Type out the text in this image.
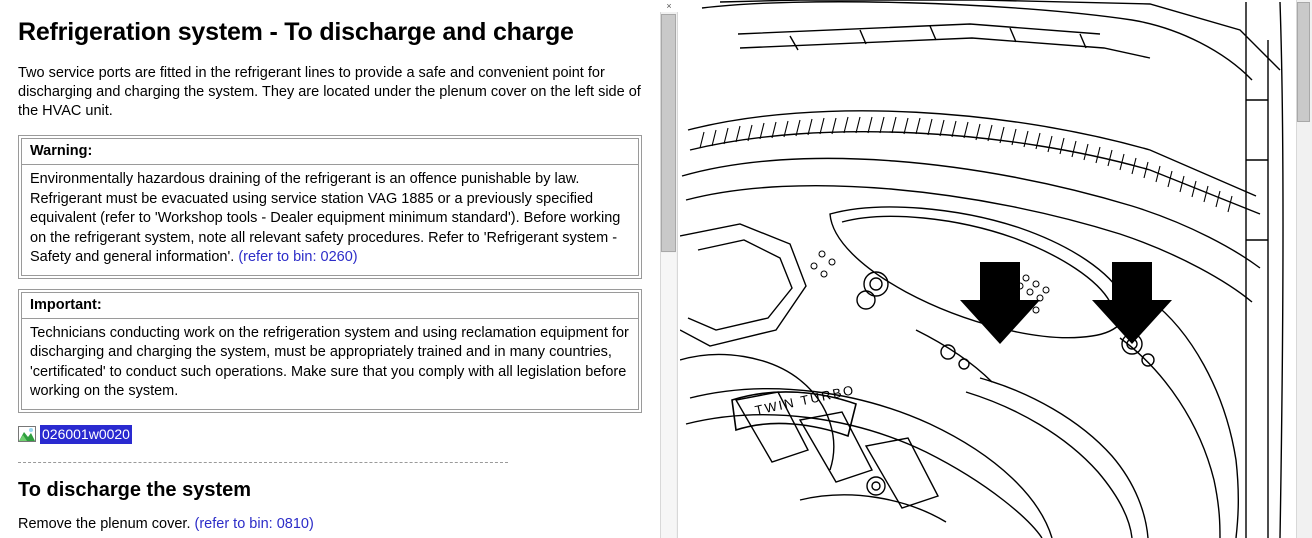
Refrigeration system - To discharge and charge

Two service ports are fitted in the refrigerant lines to provide a safe and convenient point for discharging and charging the system. They are located under the plenum cover on the left side of the HVAC unit.

Warning:
Environmentally hazardous draining of the refrigerant is an offence punishable by law. Refrigerant must be evacuated using service station VAG 1885 or a previously specified equivalent (refer to 'Workshop tools - Dealer equipment minimum standard'). Before working on the refrigerant system, note all relevant safety procedures. Refer to 'Refrigerant system - Safety and general information'. (refer to bin: 0260)
Important:
Technicians conducting work on the refrigeration system and using reclamation equipment for discharging and charging the system, must be appropriately trained and in many countries, 'certificated' to conduct such operations. Make sure that you comply with all legislation before working on the system.
026001w0020
To discharge the system

Remove the plenum cover. (refer to bin: 0810)

×
TWIN TURBO
